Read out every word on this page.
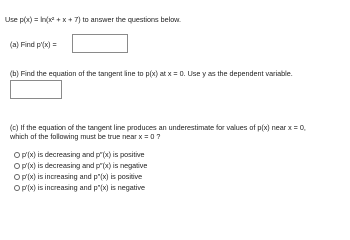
Use p(x) = ln(x² + x + 7) to answer the questions below.
(a) Find p′(x) =
(b) Find the equation of the tangent line to p(x) at x = 0. Use y as the dependent variable.
(c) If the equation of the tangent line produces an underestimate for values of p(x) near x = 0,
which of the following must be true near x = 0 ?
p′(x) is decreasing and p″(x) is positive
p′(x) is decreasing and p″(x) is negative
p′(x) is increasing and p″(x) is positive
p′(x) is increasing and p″(x) is negative
